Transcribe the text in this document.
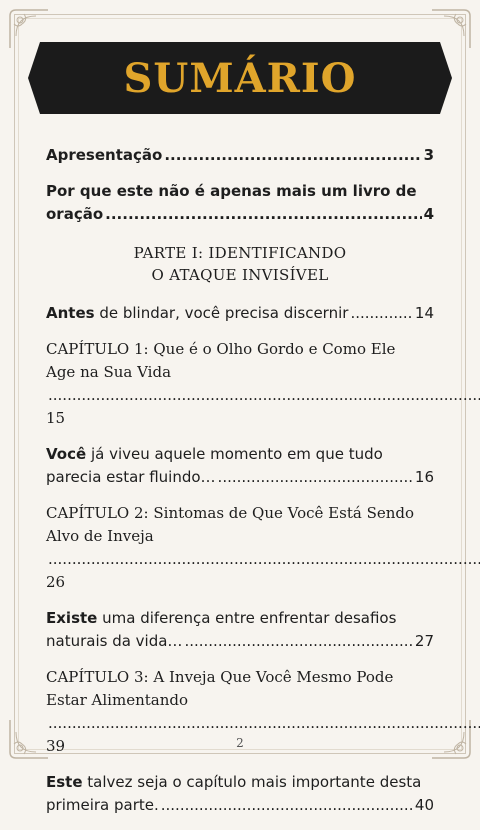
SUMÁRIO
Apresentação .....	3
Por que este não é apenas mais um livro de
oração .....	4
PARTE I: IDENTIFICANDO
O ATAQUE INVISÍVEL
Antes de blindar, você precisa discernir .....	14
CAPÍTULO 1: Que é o Olho Gordo e Como Ele
Age na Sua Vida ..... 15
Você já viveu aquele momento em que tudo
parecia estar fluindo… .....	16
CAPÍTULO 2: Sintomas de Que Você Está Sendo
Alvo de Inveja ..... 26
Existe uma diferença entre enfrentar desafios
naturais da vida… .....	27
CAPÍTULO 3: A Inveja Que Você Mesmo Pode
Estar Alimentando ..... 39
Este talvez seja o capítulo mais importante desta
primeira parte. .....	40
2
